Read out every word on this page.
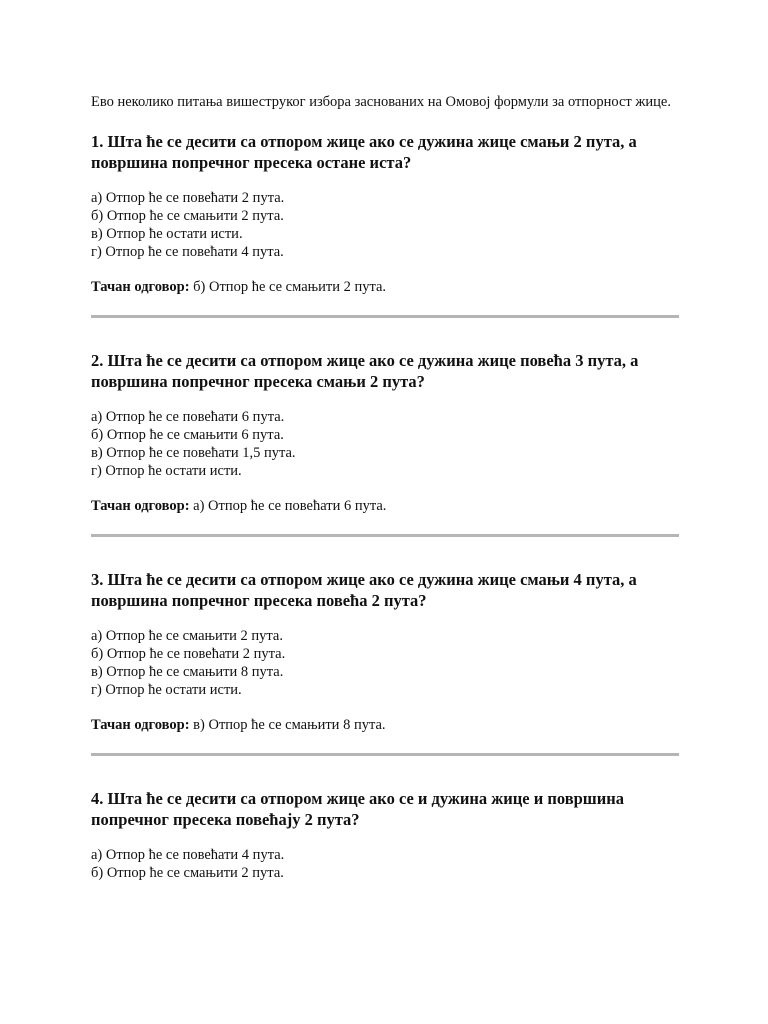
Ево неколико питања вишеструког избора заснованих на Омовој формули за отпорност жице.

1. Шта ће се десити са отпором жице ако се дужина жице смањи 2 пута, а површина попречног пресека остане иста?

а) Отпор ће се повећати 2 пута.
б) Отпор ће се смањити 2 пута.
в) Отпор ће остати исти.
г) Отпор ће се повећати 4 пута.

Тачан одговор: б) Отпор ће се смањити 2 пута.

2. Шта ће се десити са отпором жице ако се дужина жице повећа 3 пута, а површина попречног пресека смањи 2 пута?

а) Отпор ће се повећати 6 пута.
б) Отпор ће се смањити 6 пута.
в) Отпор ће се повећати 1,5 пута.
г) Отпор ће остати исти.

Тачан одговор: а) Отпор ће се повећати 6 пута.

3. Шта ће се десити са отпором жице ако се дужина жице смањи 4 пута, а површина попречног пресека повећа 2 пута?

а) Отпор ће се смањити 2 пута.
б) Отпор ће се повећати 2 пута.
в) Отпор ће се смањити 8 пута.
г) Отпор ће остати исти.

Тачан одговор: в) Отпор ће се смањити 8 пута.

4. Шта ће се десити са отпором жице ако се и дужина жице и површина попречног пресека повећају 2 пута?

а) Отпор ће се повећати 4 пута.
б) Отпор ће се смањити 2 пута.
